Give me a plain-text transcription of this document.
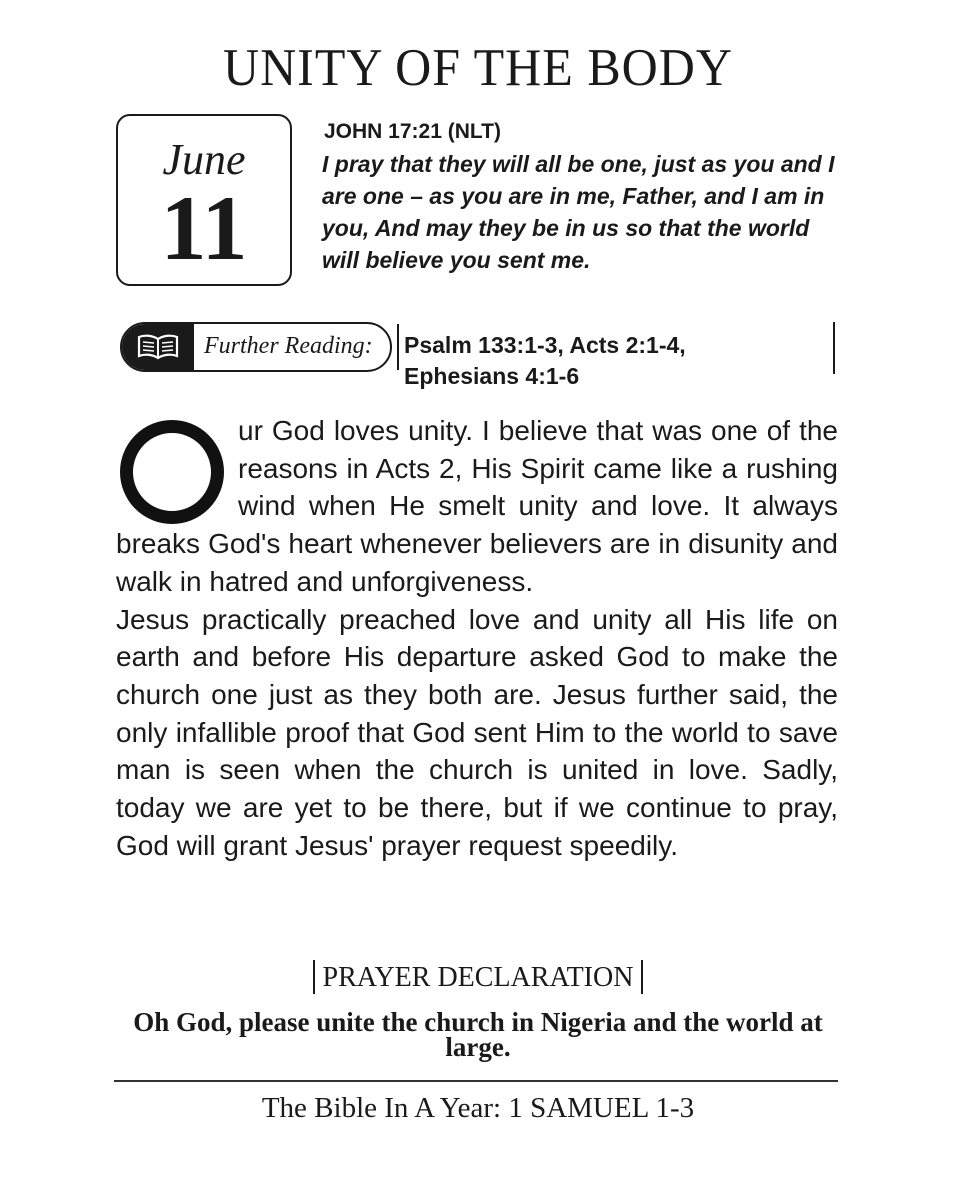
UNITY OF THE BODY
June
11
JOHN 17:21 (NLT)
I pray that they will all be one, just as you and I are one – as you are in me, Father, and I am in you, And may they be in us so that the world will believe you sent me.
Further Reading: Psalm 133:1-3, Acts 2:1-4, Ephesians 4:1-6

ur God loves unity. I believe that was one of the reasons in Acts 2, His Spirit came like a rushing wind when He smelt unity and love. It always breaks God's heart whenever believers are in disunity and walk in hatred and unforgiveness.

Jesus practically preached love and unity all His life on earth and before His departure asked God to make the church one just as they both are. Jesus further said, the only infallible proof that God sent Him to the world to save man is seen when the church is united in love. Sadly, today we are yet to be there, but if we continue to pray, God will grant Jesus' prayer request speedily.

PRAYER DECLARATION
Oh God, please unite the church in Nigeria and the world at large.
The Bible In A Year: 1 SAMUEL 1-3
